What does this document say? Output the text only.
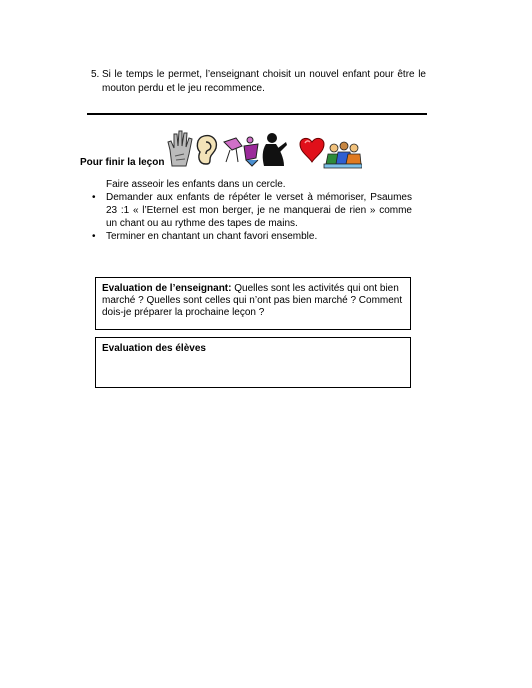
5. Si le temps le permet, l’enseignant choisit un nouvel enfant pour être le mouton perdu et le jeu recommence.
Pour finir la leçon
Faire asseoir les enfants dans un cercle.
• Demander aux enfants de répéter le verset à mémoriser, Psaumes 23 :1 « l’Eternel est mon berger, je ne manquerai de rien » comme un chant ou au rythme des tapes de mains.
• Terminer en chantant un chant favori ensemble.
Evaluation de l’enseignant: Quelles sont les activités qui ont bien marché ? Quelles sont celles qui n’ont pas bien marché ? Comment dois-je préparer la prochaine leçon ?
Evaluation des élèves
